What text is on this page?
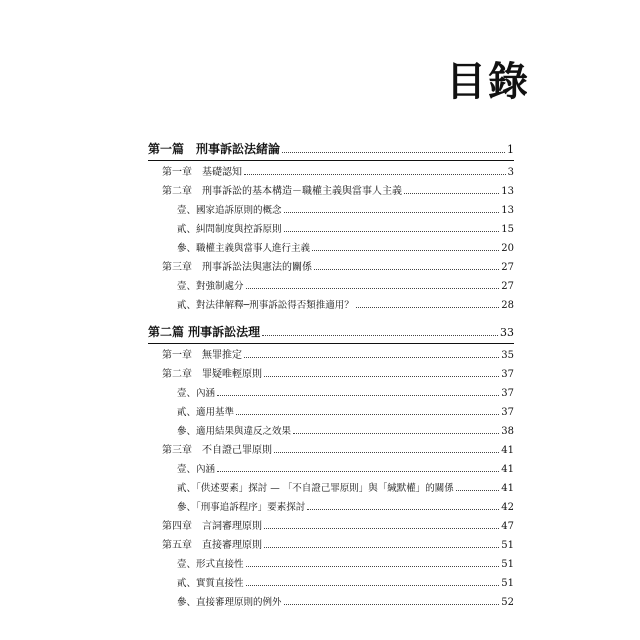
目錄
第一篇　刑事訴訟法緒論	1
第一章　基礎認知	3
第二章　刑事訴訟的基本構造－職權主義與當事人主義	13
壹、國家追訴原則的概念	13
貳、糾問制度與控訴原則	15
參、職權主義與當事人進行主義	20
第三章　刑事訴訟法與憲法的關係	27
壹、對強制處分	27
貳、對法律解釋─刑事訴訟得否類推適用？	28
第二篇 刑事訴訟法理	33
第一章　無罪推定	35
第二章　罪疑唯輕原則	37
壹、內涵	37
貳、適用基準	37
參、適用結果與違反之效果	38
第三章　不自證己罪原則	41
壹、內涵	41
貳、「供述要素」探討 — 「不自證己罪原則」與「緘默權」的關係	41
參、「刑事追訴程序」要素探討	42
第四章　言詞審理原則	47
第五章　直接審理原則	51
壹、形式直接性	51
貳、實質直接性	51
參、直接審理原則的例外	52
